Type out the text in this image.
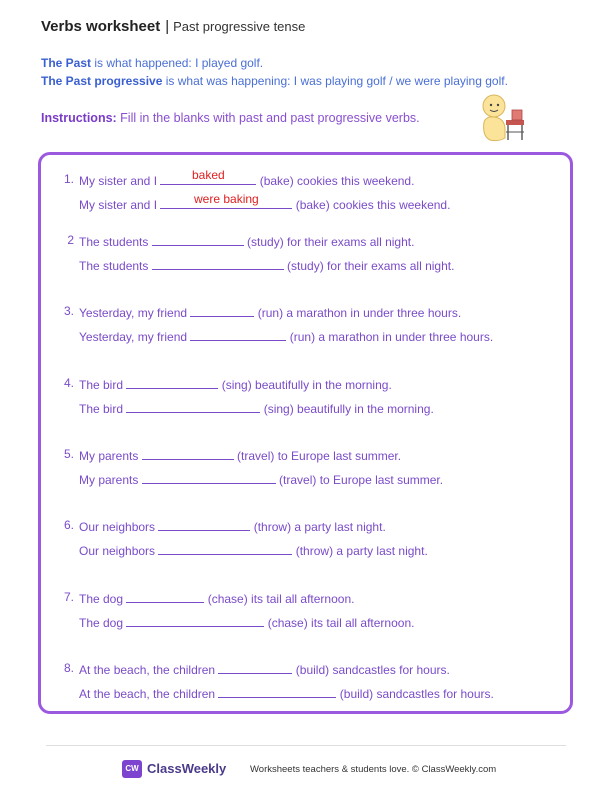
Verbs worksheet | Past progressive tense
The Past is what happened: I played golf.
The Past progressive is what was happening: I was playing golf / we were playing golf.
Instructions: Fill in the blanks with past and past progressive verbs.
1. My sister and I	baked	(bake) cookies this weekend.
My sister and I	were baking	(bake) cookies this weekend.
2 The students	(study) for their exams all night.
The students	(study) for their exams all night.
3. Yesterday, my friend	(run) a marathon in under three hours.
Yesterday, my friend	(run) a marathon in under three hours.
4. The bird	(sing) beautifully in the morning.
The bird	(sing) beautifully in the morning.
5. My parents	(travel) to Europe last summer.
My parents	(travel) to Europe last summer.
6. Our neighbors	(throw) a party last night.
Our neighbors	(throw) a party last night.
7. The dog	(chase) its tail all afternoon.
The dog	(chase) its tail all afternoon.
8. At the beach, the children	(build) sandcastles for hours.
At the beach, the children	(build) sandcastles for hours.
CW ClassWeekly Worksheets teachers & students love. © ClassWeekly.com
